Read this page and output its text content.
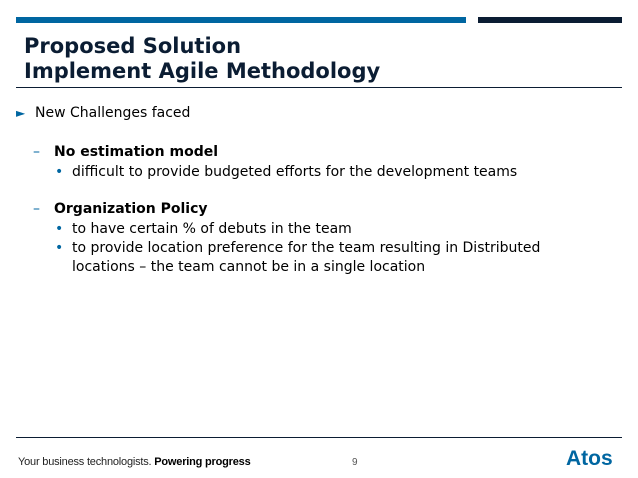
Proposed Solution
Implement Agile Methodology
► New Challenges faced
–	No estimation model
• difficult to provide budgeted efforts for the development teams
–	Organization Policy
• to have certain % of debuts in the team
• to provide location preference for the team resulting in Distributed locations – the team cannot be in a single location
Your business technologists. Powering progress	9	Atos
